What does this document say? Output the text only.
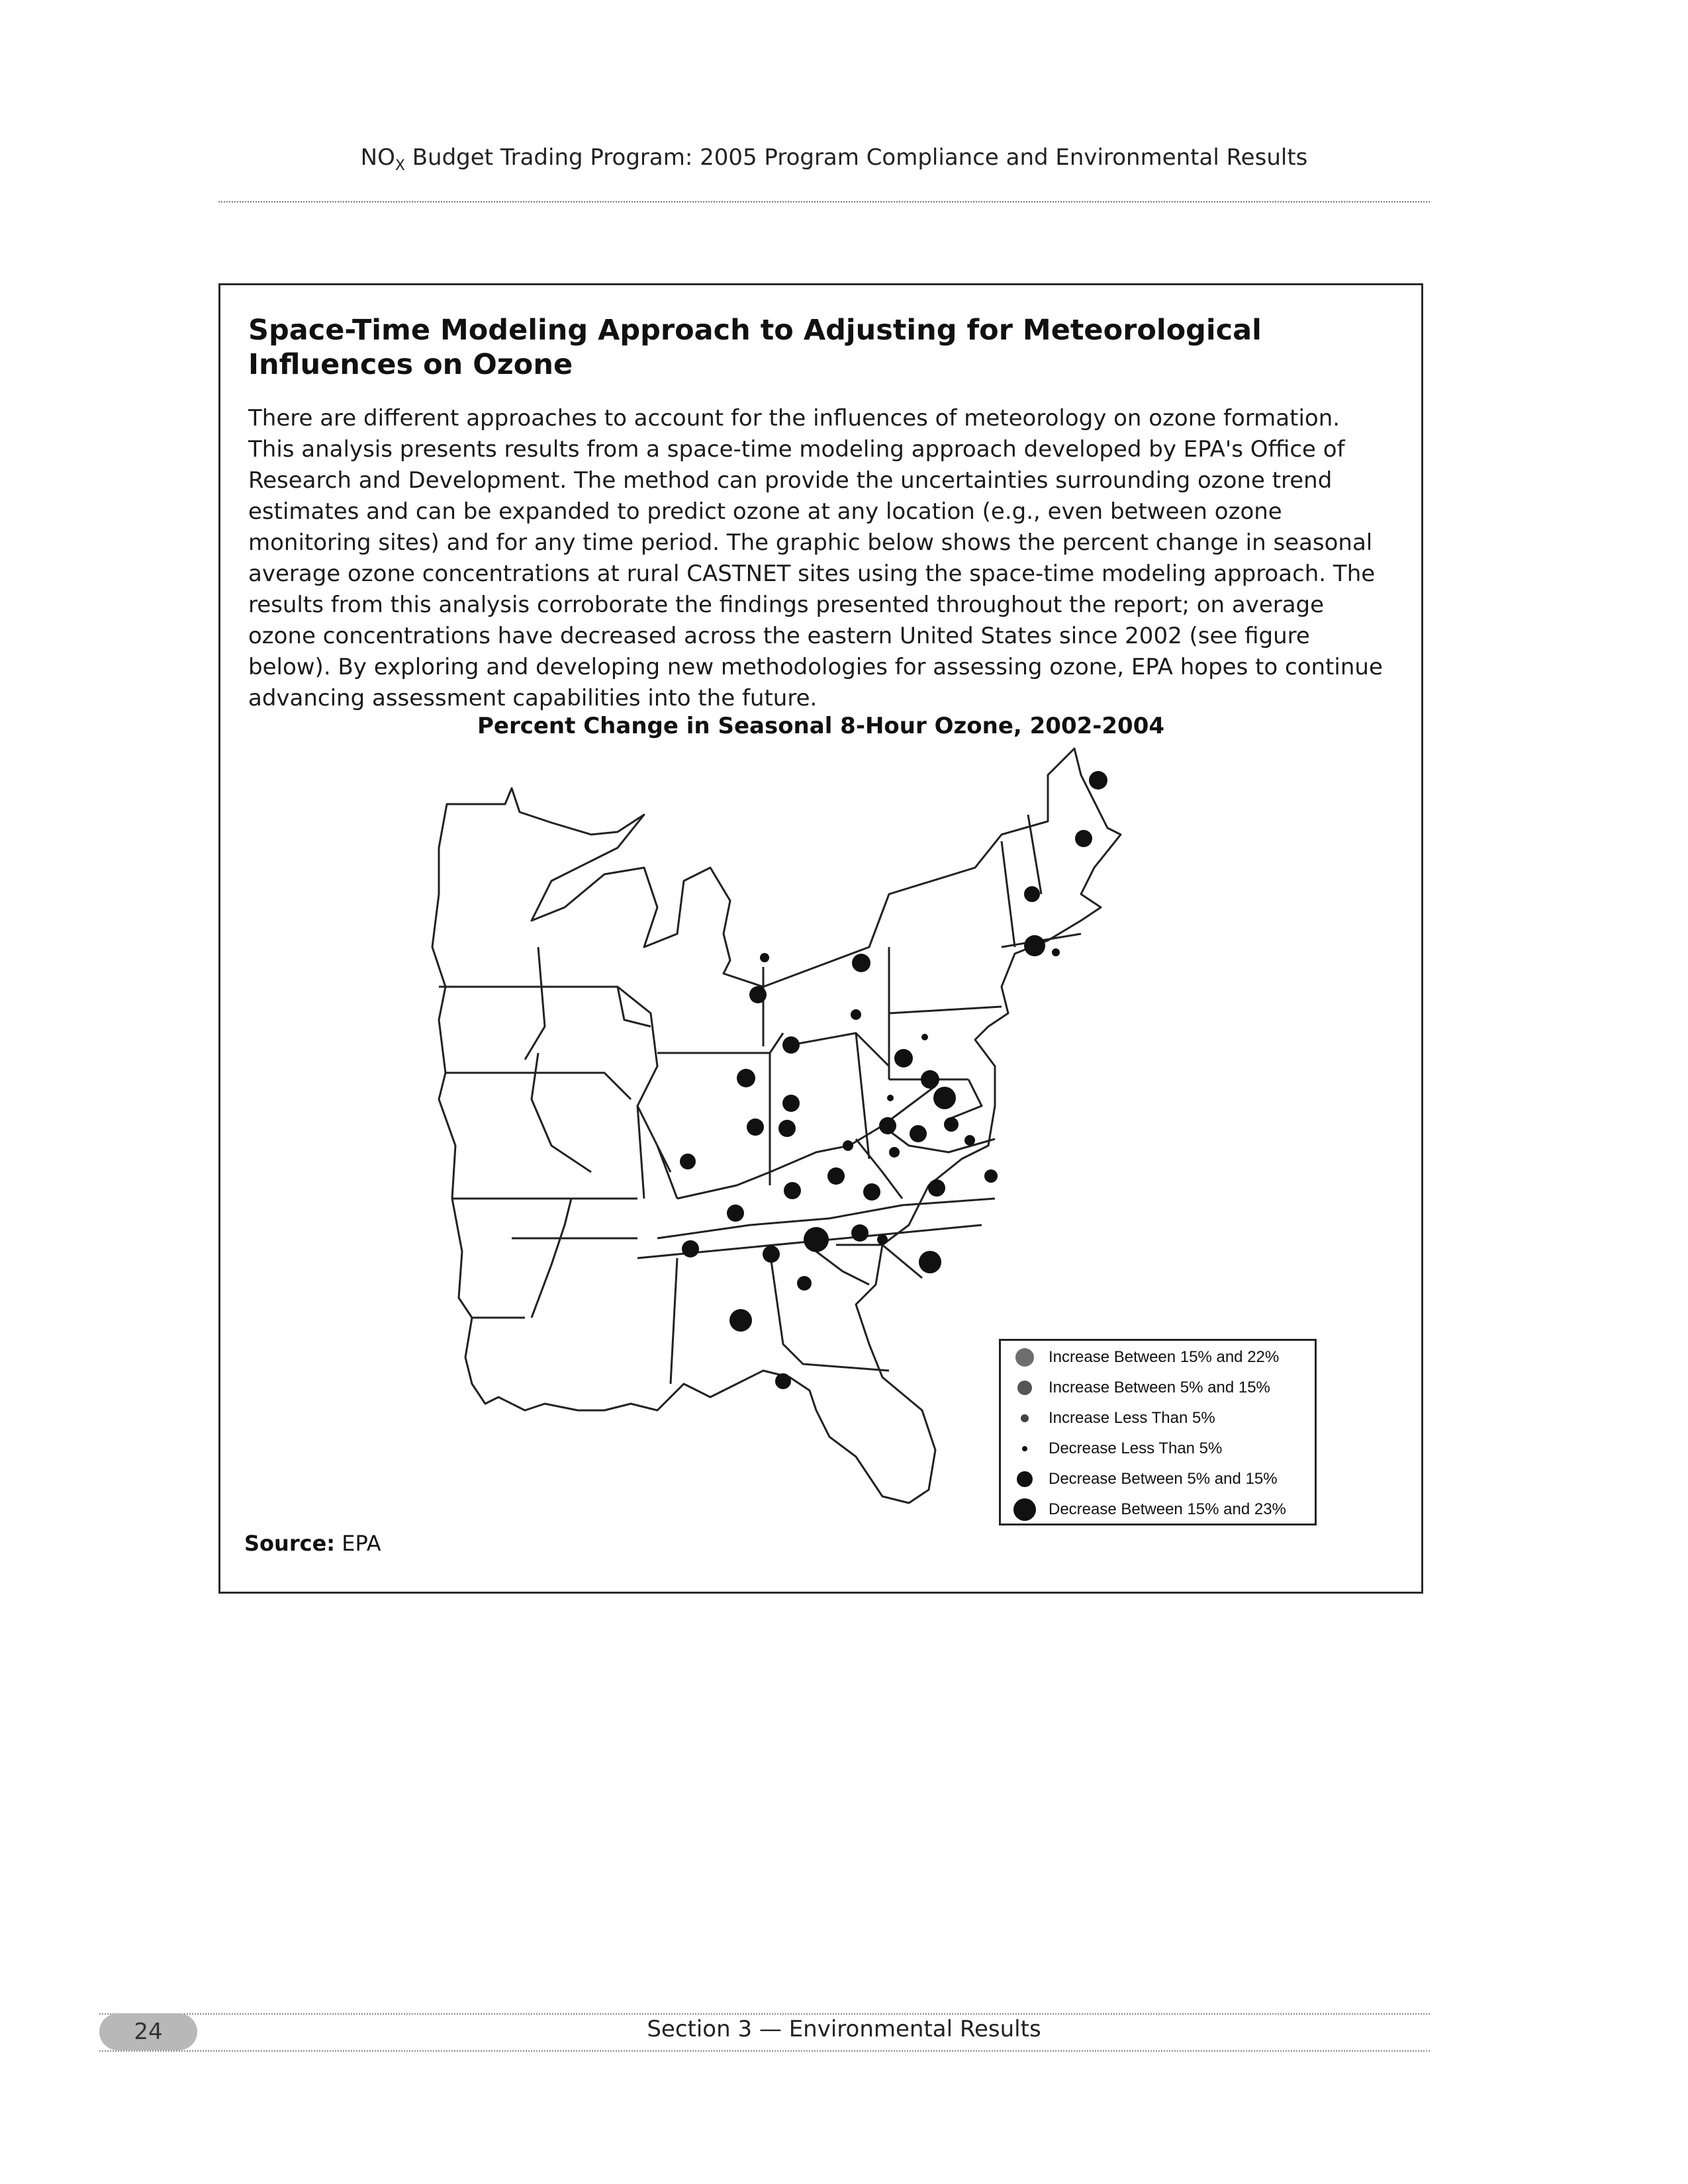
$NO_X$ Budget Trading Program: 2005 Program Compliance and Environmental Results
Space-Time Modeling Approach to Adjusting for Meteorological Influences on Ozone
There are different approaches to account for the influences of meteorology on ozone formation. This analysis presents results from a space-time modeling approach developed by EPA's Office of Research and Development. The method can provide the uncertainties surrounding ozone trend estimates and can be expanded to predict ozone at any location (e.g., even between ozone monitoring sites) and for any time period. The graphic below shows the percent change in seasonal average ozone concentrations at rural CASTNET sites using the space-time modeling approach. The results from this analysis corroborate the findings presented throughout the report; on average ozone concentrations have decreased across the eastern United States since 2002 (see figure below). By exploring and developing new methodologies for assessing ozone, EPA hopes to continue advancing assessment capabilities into the future.
Percent Change in Seasonal 8-Hour Ozone, 2002-2004
Increase Between 15% and 22%
Increase Between 5% and 15%
Increase Less Than 5%
Decrease Less Than 5%
Decrease Between 5% and 15%
Decrease Between 15% and 23%
Source: EPA
24	Section 3 — Environmental Results
